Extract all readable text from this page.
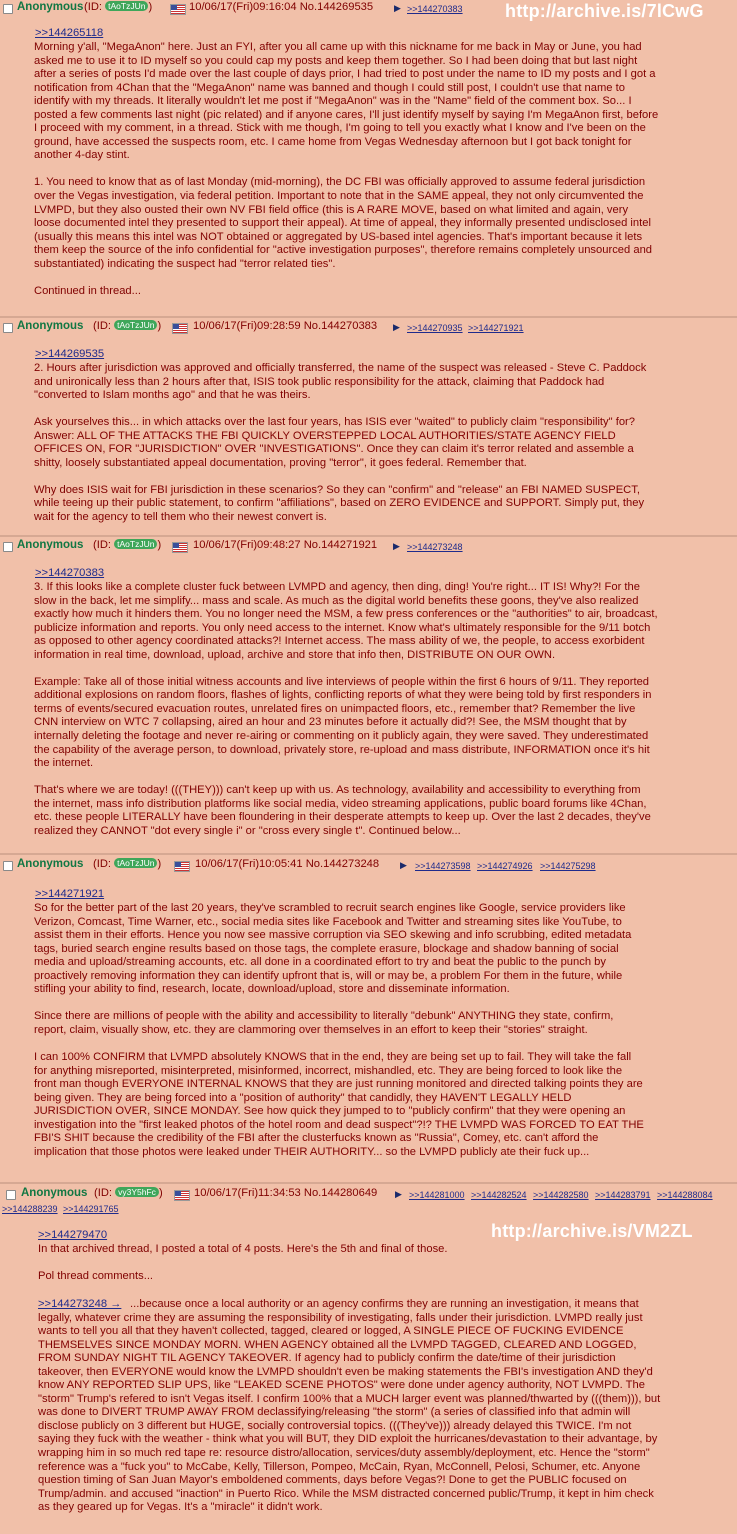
Anonymous (ID: tAoTzJUn )	10/06/17(Fri)09:16:04 No.144269535 ▶ >>144270383 http://archive.is/7lCwG
>>144265118
Morning y'all, "MegaAnon" here. Just an FYI, after you all came up with this nickname for me back in May or June, you had
asked me to use it to ID myself so you could cap my posts and keep them together. So I had been doing that but last night
after a series of posts I'd made over the last couple of days prior, I had tried to post under the name to ID my posts and I got a
notification from 4Chan that the "MegaAnon" name was banned and though I could still post, I couldn't use that name to
identify with my threads. It literally wouldn't let me post if "MegaAnon" was in the "Name" field of the comment box. So... I
posted a few comments last night (pic related) and if anyone cares, I'll just identify myself by saying I'm MegaAnon first, before
I proceed with my comment, in a thread. Stick with me though, I'm going to tell you exactly what I know and I've been on the
ground, have accessed the suspects room, etc. I came home from Vegas Wednesday afternoon but I got back tonight for
another 4-day stint.

1. You need to know that as of last Monday (mid-morning), the DC FBI was officially approved to assume federal jurisdiction
over the Vegas investigation, via federal petition. Important to note that in the SAME appeal, they not only circumvented the
LVMPD, but they also ousted their own NV FBI field office (this is A RARE MOVE, based on what limited and again, very
loose documented intel they presented to support their appeal). At time of appeal, they informally presented undisclosed intel
(usually this means this intel was NOT obtained or aggregated by US-based intel agencies. That's important because it lets
them keep the source of the info confidential for "active investigation purposes", therefore remains completely unsourced and
substantiated) indicating the suspect had "terror related ties".

Continued in thread...
Anonymous (ID: tAoTzJUn )	10/06/17(Fri)09:28:59 No.144270383 ▶ >>144270935 >>144271921
>>144269535
2. Hours after jurisdiction was approved and officially transferred, the name of the suspect was released - Steve C. Paddock
and unironically less than 2 hours after that, ISIS took public responsibility for the attack, claiming that Paddock had
"converted to Islam months ago" and that he was theirs.

Ask yourselves this... in which attacks over the last four years, has ISIS ever "waited" to publicly claim "responsibility" for?
Answer: ALL OF THE ATTACKS THE FBI QUICKLY OVERSTEPPED LOCAL AUTHORITIES/STATE AGENCY FIELD
OFFICES ON, FOR "JURISDICTION" OVER "INVESTIGATIONS". Once they can claim it's terror related and assemble a
shitty, loosely substantiated appeal documentation, proving "terror", it goes federal. Remember that.

Why does ISIS wait for FBI jurisdiction in these scenarios? So they can "confirm" and "release" an FBI NAMED SUSPECT,
while teeing up their public statement, to confirm "affiliations", based on ZERO EVIDENCE and SUPPORT. Simply put, they
wait for the agency to tell them who their newest convert is.
Anonymous (ID: tAoTzJUn )	10/06/17(Fri)09:48:27 No.144271921 ▶ >>144273248
>>144270383
3. If this looks like a complete cluster fuck between LVMPD and agency, then ding, ding! You're right... IT IS! Why?! For the
slow in the back, let me simplify... mass and scale. As much as the digital world benefits these goons, they've also realized
exactly how much it hinders them. You no longer need the MSM, a few press conferences or the "authorities" to air, broadcast,
publicize information and reports. You only need access to the internet. Know what's ultimately responsible for the 9/11 botch
as opposed to other agency coordinated attacks?! Internet access. The mass ability of we, the people, to access exorbident
information in real time, download, upload, archive and store that info then, DISTRIBUTE ON OUR OWN.

Example: Take all of those initial witness accounts and live interviews of people within the first 6 hours of 9/11. They reported
additional explosions on random floors, flashes of lights, conflicting reports of what they were being told by first responders in
terms of events/secured evacuation routes, unrelated fires on unimpacted floors, etc., remember that? Remember the live
CNN interview on WTC 7 collapsing, aired an hour and 23 minutes before it actually did?! See, the MSM thought that by
internally deleting the footage and never re-airing or commenting on it publicly again, they were saved. They underestimated
the capability of the average person, to download, privately store, re-upload and mass distribute, INFORMATION once it's hit
the internet.

That's where we are today! (((THEY))) can't keep up with us. As technology, availability and accessibility to everything from
the internet, mass info distribution platforms like social media, video streaming applications, public board forums like 4Chan,
etc. these people LITERALLY have been floundering in their desperate attempts to keep up. Over the last 2 decades, they've
realized they CANNOT "dot every single i" or "cross every single t". Continued below...
Anonymous (ID: tAoTzJUn )	10/06/17(Fri)10:05:41 No.144273248 ▶ >>144273598 >>144274926 >>144275298
>>144271921
So for the better part of the last 20 years, they've scrambled to recruit search engines like Google, service providers like
Verizon, Comcast, Time Warner, etc., social media sites like Facebook and Twitter and streaming sites like YouTube, to
assist them in their efforts. Hence you now see massive corruption via SEO skewing and info scrubbing, edited metadata
tags, buried search engine results based on those tags, the complete erasure, blockage and shadow banning of social
media and upload/streaming accounts, etc. all done in a coordinated effort to try and beat the public to the punch by
proactively removing information they can identify upfront that is, will or may be, a problem For them in the future, while
stifling your ability to find, research, locate, download/upload, store and disseminate information.

Since there are millions of people with the ability and accessibility to literally "debunk" ANYTHING they state, confirm,
report, claim, visually show, etc. they are clammoring over themselves in an effort to keep their "stories" straight.

I can 100% CONFIRM that LVMPD absolutely KNOWS that in the end, they are being set up to fail. They will take the fall
for anything misreported, misinterpreted, misinformed, incorrect, mishandled, etc. They are being forced to look like the
front man though EVERYONE INTERNAL KNOWS that they are just running monitored and directed talking points they are
being given. They are being forced into a "position of authority" that candidly, they HAVEN'T LEGALLY HELD
JURISDICTION OVER, SINCE MONDAY. See how quick they jumped to to "publicly confirm" that they were opening an
investigation into the "first leaked photos of the hotel room and dead suspect"?!? THE LVMPD WAS FORCED TO EAT THE
FBI'S SHIT because the credibility of the FBI after the clusterfucks known as "Russia", Comey, etc. can't afford the
implication that those photos were leaked under THEIR AUTHORITY... so the LVMPD publicly ate their fuck up...
Anonymous (ID: vy3Y5hFc )	10/06/17(Fri)11:34:53 No.144280649 ▶ >>144281000 >>144282524 >>144282580 >>144283791 >>144288084
>>144288239 >>144291765
http://archive.is/VM2ZL
>>144279470
In that archived thread, I posted a total of 4 posts. Here's the 5th and final of those.

Pol thread comments...
>>144273248 → ...because once a local authority or an agency confirms they are running an investigation, it means that
legally, whatever crime they are assuming the responsibility of investigating, falls under their jurisdiction. LVMPD really just
wants to tell you all that they haven't collected, tagged, cleared or logged, A SINGLE PIECE OF FUCKING EVIDENCE
THEMSELVES SINCE MONDAY MORN. WHEN AGENCY obtained all the LVMPD TAGGED, CLEARED AND LOGGED,
FROM SUNDAY NIGHT TIL AGENCY TAKEOVER. If agency had to publicly confirm the date/time of their jurisdiction
takeover, then EVERYONE would know the LVMPD shouldn't even be making statements the FBI's investigation AND they'd
know ANY REPORTED SLIP UPS, like "LEAKED SCENE PHOTOS" were done under agency authority, NOT LVMPD. The
"storm" Trump's refered to isn't Vegas itself. I confirm 100% that a MUCH larger event was planned/thwarted by (((them))), but
was done to DIVERT TRUMP AWAY FROM declassifying/releasing "the storm" (a series of classified info that admin will
disclose publicly on 3 different but HUGE, socially controversial topics. (((They've))) already delayed this TWICE. I'm not
saying they fuck with the weather - think what you will BUT, they DID exploit the hurricanes/devastation to their advantage, by
wrapping him in so much red tape re: resource distro/allocation, services/duty assembly/deployment, etc. Hence the "storm"
reference was a "fuck you" to McCabe, Kelly, Tillerson, Pompeo, McCain, Ryan, McConnell, Pelosi, Schumer, etc. Anyone
question timing of San Juan Mayor's emboldened comments, days before Vegas?! Done to get the PUBLIC focused on
Trump/admin. and accused "inaction" in Puerto Rico. While the MSM distracted concerned public/Trump, it kept in him check
as they geared up for Vegas. It's a "miracle" it didn't work.
